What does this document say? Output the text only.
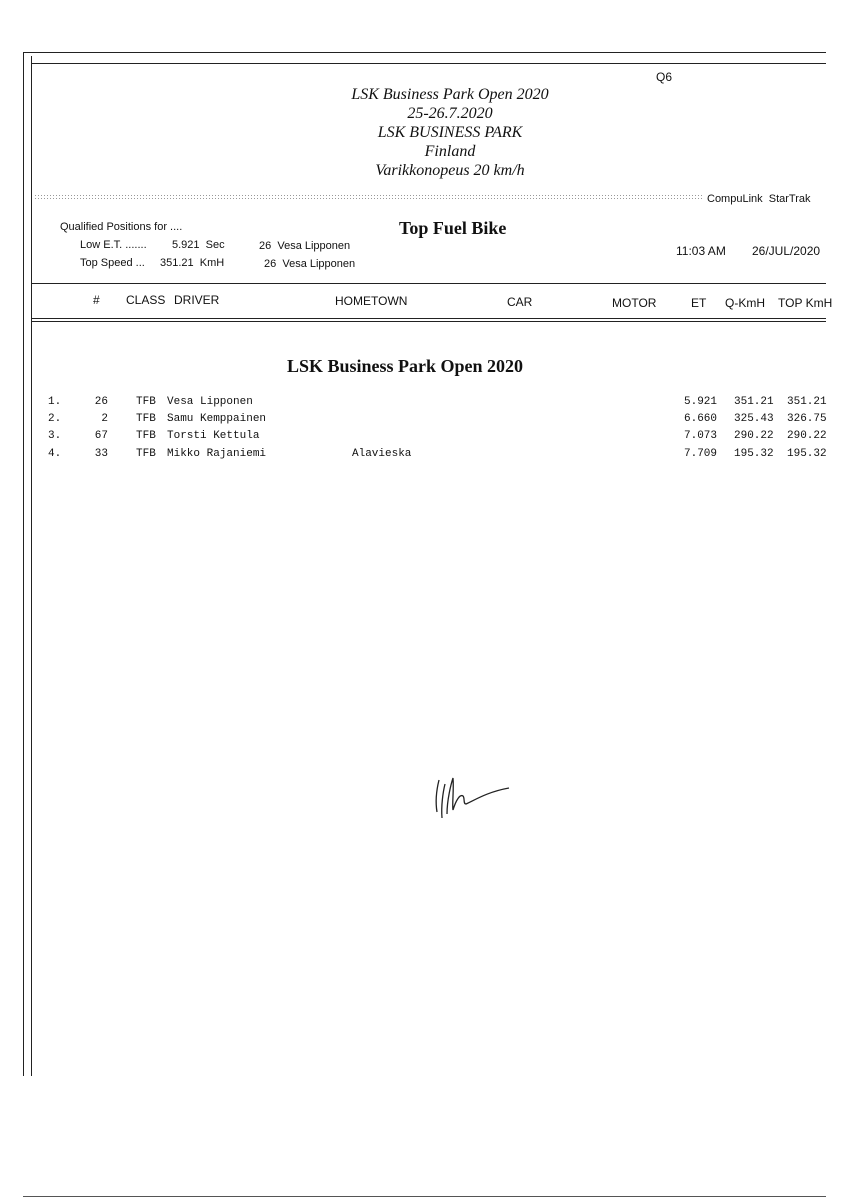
Q6
LSK Business Park Open 2020
25-26.7.2020
LSK BUSINESS PARK
Finland
Varikkonopeus 20 km/h
CompuLink  StarTrak
Qualified Positions for ....
Low E.T. ....... 5.921  Sec	26  Vesa Lipponen
Top Speed ... 351.21  KmH	26  Vesa Lipponen
Top Fuel Bike
11:03 AM 26/JUL/2020
# CLASS DRIVER	HOMETOWN	CAR	MOTOR	ET Q-KmH TOP KmH
LSK Business Park Open 2020
1.	26	TFB Vesa Lipponen	5.921 351.21 351.21
2.	2	TFB Samu Kemppainen	6.660 325.43 326.75
3.	67	TFB Torsti Kettula	7.073 290.22 290.22
4.	33	TFB Mikko Rajaniemi	Alavieska	7.709 195.32 195.32
